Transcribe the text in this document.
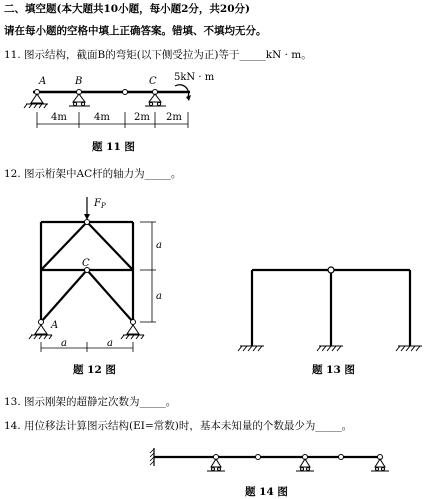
二、填空题(本大题共10小题，每小题2分，共20分)
请在每小题的空格中填上正确答案。错填、不填均无分。
11. 图示结构，截面B的弯矩(以下侧受拉为正)等于_____kN · m。
A	B	C 5kN · m
4m	4m 2m 2m
题 11 图
12. 图示桁架中AC杆的轴力为_____。
$F_P$
C
A
a	a
a
a
题 12 图	题 13 图
13. 图示刚架的超静定次数为_____。
14. 用位移法计算图示结构(EI=常数)时，基本未知量的个数最少为_____。
题 14 图
